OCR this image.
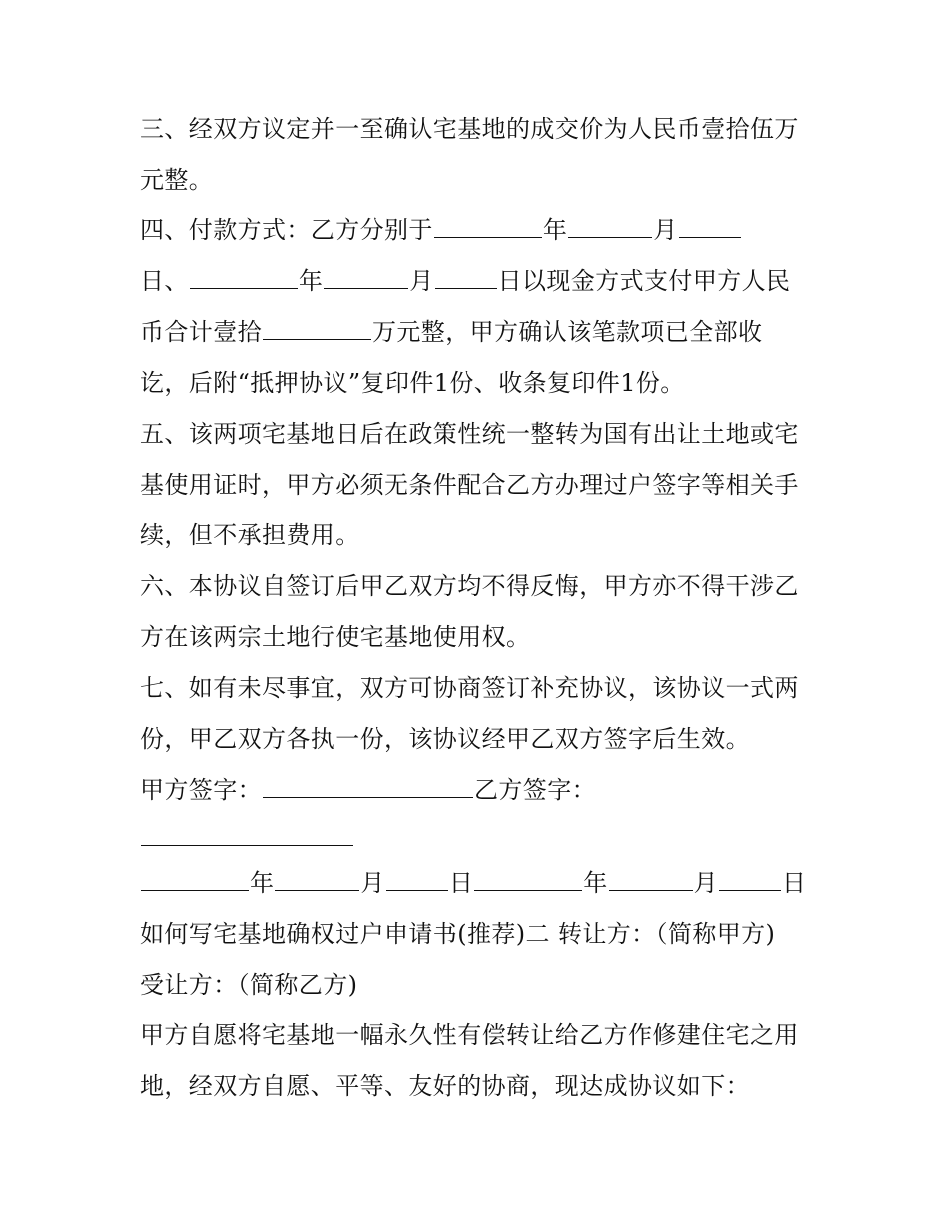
三、经双方议定并一至确认宅基地的成交价为人民币壹拾伍万
元整。
四、付款方式：乙方分别于	年	月
日、	年	月	日以现金方式支付甲方人民
币合计壹拾	万元整，甲方确认该笔款项已全部收
讫，后附“抵押协议”复印件1份、收条复印件1份。
五、该两项宅基地日后在政策性统一整转为国有出让土地或宅
基使用证时，甲方必须无条件配合乙方办理过户签字等相关手
续，但不承担费用。
六、本协议自签订后甲乙双方均不得反悔，甲方亦不得干涉乙
方在该两宗土地行使宅基地使用权。
七、如有未尽事宜，双方可协商签订补充协议，该协议一式两
份，甲乙双方各执一份，该协议经甲乙双方签字后生效。
甲方签字：	乙方签字：
年	月	日	年	月	日
如何写宅基地确权过户申请书(推荐)二 转让方：（简称甲方)
受让方：（简称乙方)
甲方自愿将宅基地一幅永久性有偿转让给乙方作修建住宅之用
地，经双方自愿、平等、友好的协商，现达成协议如下：
